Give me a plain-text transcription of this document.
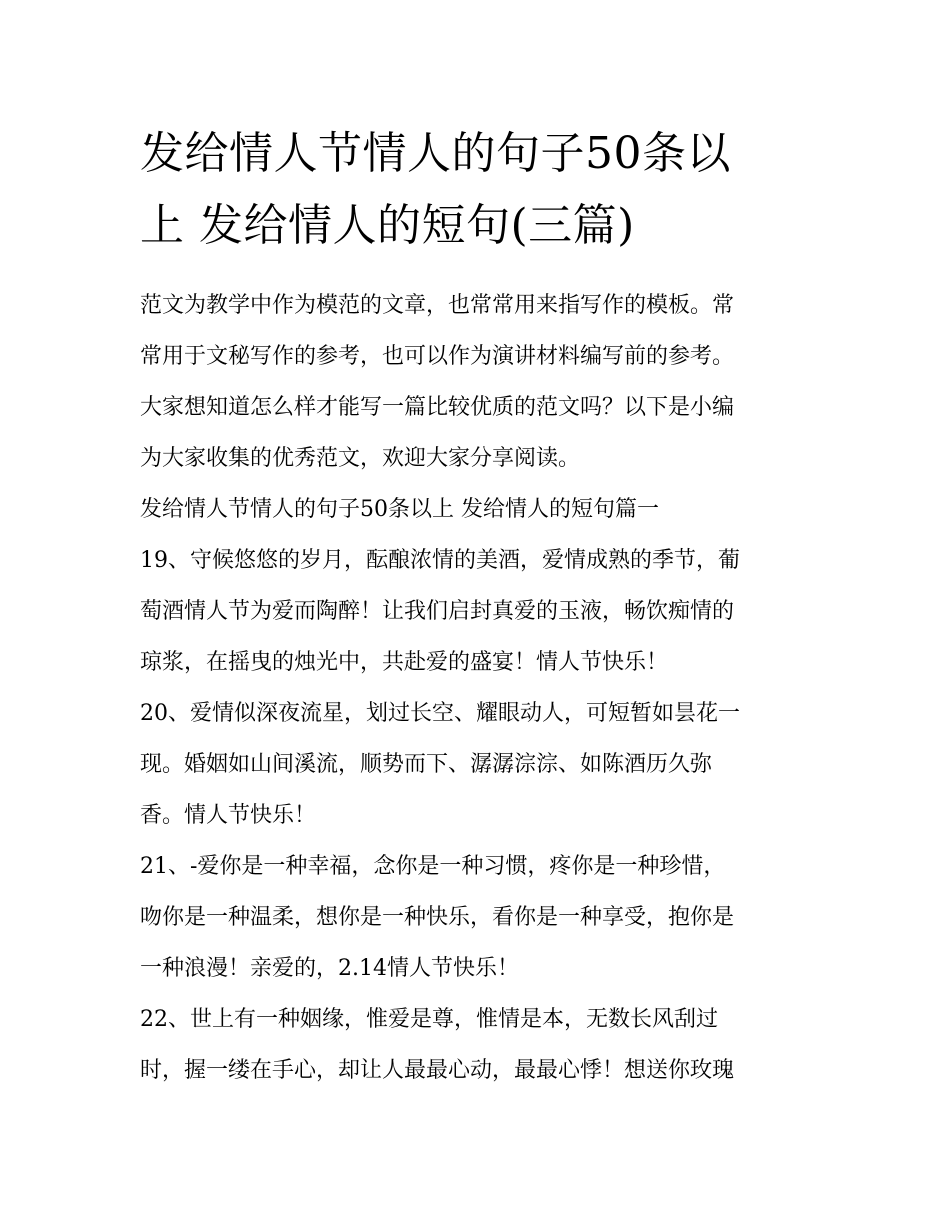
发给情人节情人的句子50条以
上 发给情人的短句(三篇)

范文为教学中作为模范的文章，也常常用来指写作的模板。常
常用于文秘写作的参考，也可以作为演讲材料编写前的参考。
大家想知道怎么样才能写一篇比较优质的范文吗？以下是小编
为大家收集的优秀范文，欢迎大家分享阅读。

发给情人节情人的句子50条以上 发给情人的短句篇一

19、守候悠悠的岁月，酝酿浓情的美酒，爱情成熟的季节，葡
萄酒情人节为爱而陶醉！让我们启封真爱的玉液，畅饮痴情的
琼浆，在摇曳的烛光中，共赴爱的盛宴！情人节快乐！

20、爱情似深夜流星，划过长空、耀眼动人，可短暂如昙花一
现。婚姻如山间溪流，顺势而下、潺潺淙淙、如陈酒历久弥
香。情人节快乐！

21、-爱你是一种幸福，念你是一种习惯，疼你是一种珍惜，
吻你是一种温柔，想你是一种快乐，看你是一种享受，抱你是
一种浪漫！亲爱的，2.14情人节快乐！

22、世上有一种姻缘，惟爱是尊，惟情是本，无数长风刮过
时，握一缕在手心，却让人最最心动，最最心悸！想送你玫瑰
